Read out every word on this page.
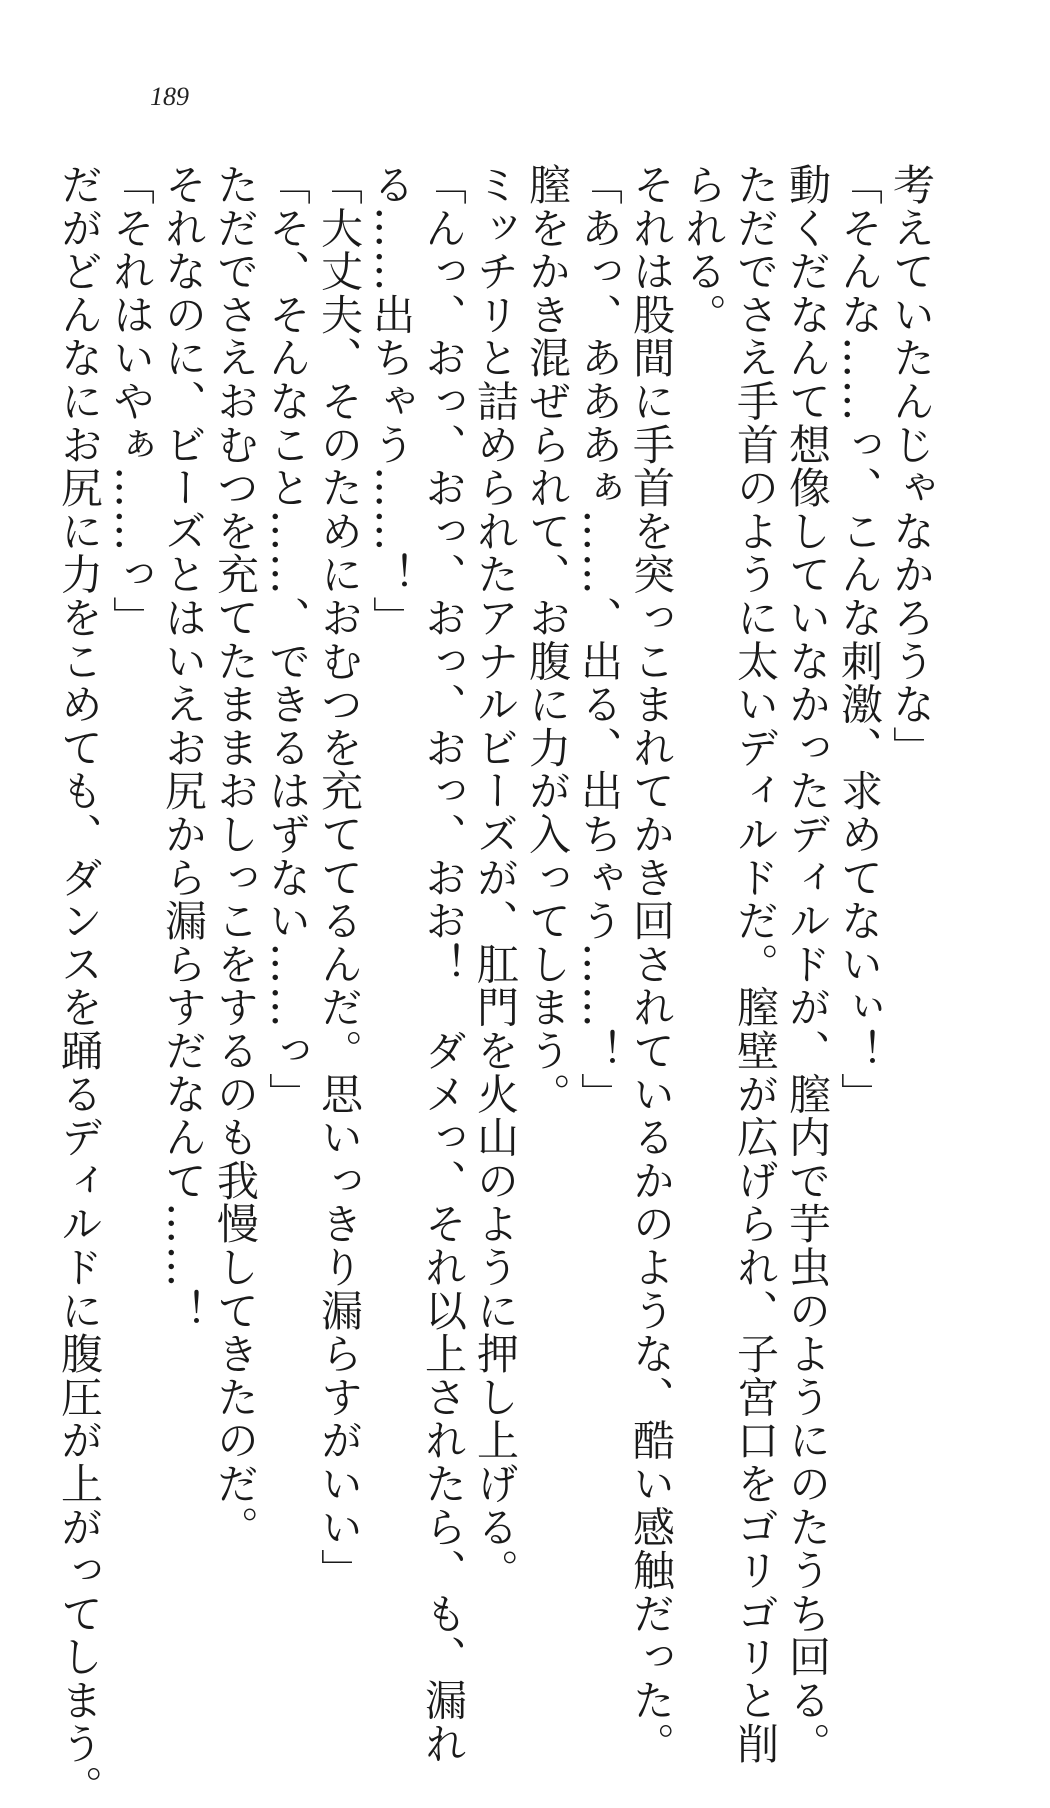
189
考えていたんじゃなかろうな」
「そんな……っ、こんな刺激、求めてないぃ！」
動くだなんて想像していなかったディルドが、膣内で芋虫のようにのたうち回る。
ただでさえ手首のように太いディルドだ。膣壁が広げられ、子宮口をゴリゴリと削
られる。
それは股間に手首を突っこまれてかき回されているかのような、酷い感触だった。
「あっ、あああぁ……、出る、出ちゃう……！」
膣をかき混ぜられて、お腹に力が入ってしまう。
ミッチリと詰められたアナルビーズが、肛門を火山のように押し上げる。
「んっ、おっ、おっ、おっ、おっ、おお！　ダメっ、それ以上されたら、も、漏れ
る……出ちゃう……！」
「大丈夫、そのためにおむつを充ててるんだ。思いっきり漏らすがいい」
「そ、そんなこと……、できるはずない……っ」
ただでさえおむつを充てたままおしっこをするのも我慢してきたのだ。
それなのに、ビーズとはいえお尻から漏らすだなんて……！
「それはいやぁ……っ」
だがどんなにお尻に力をこめても、ダンスを踊るディルドに腹圧が上がってしまう。
